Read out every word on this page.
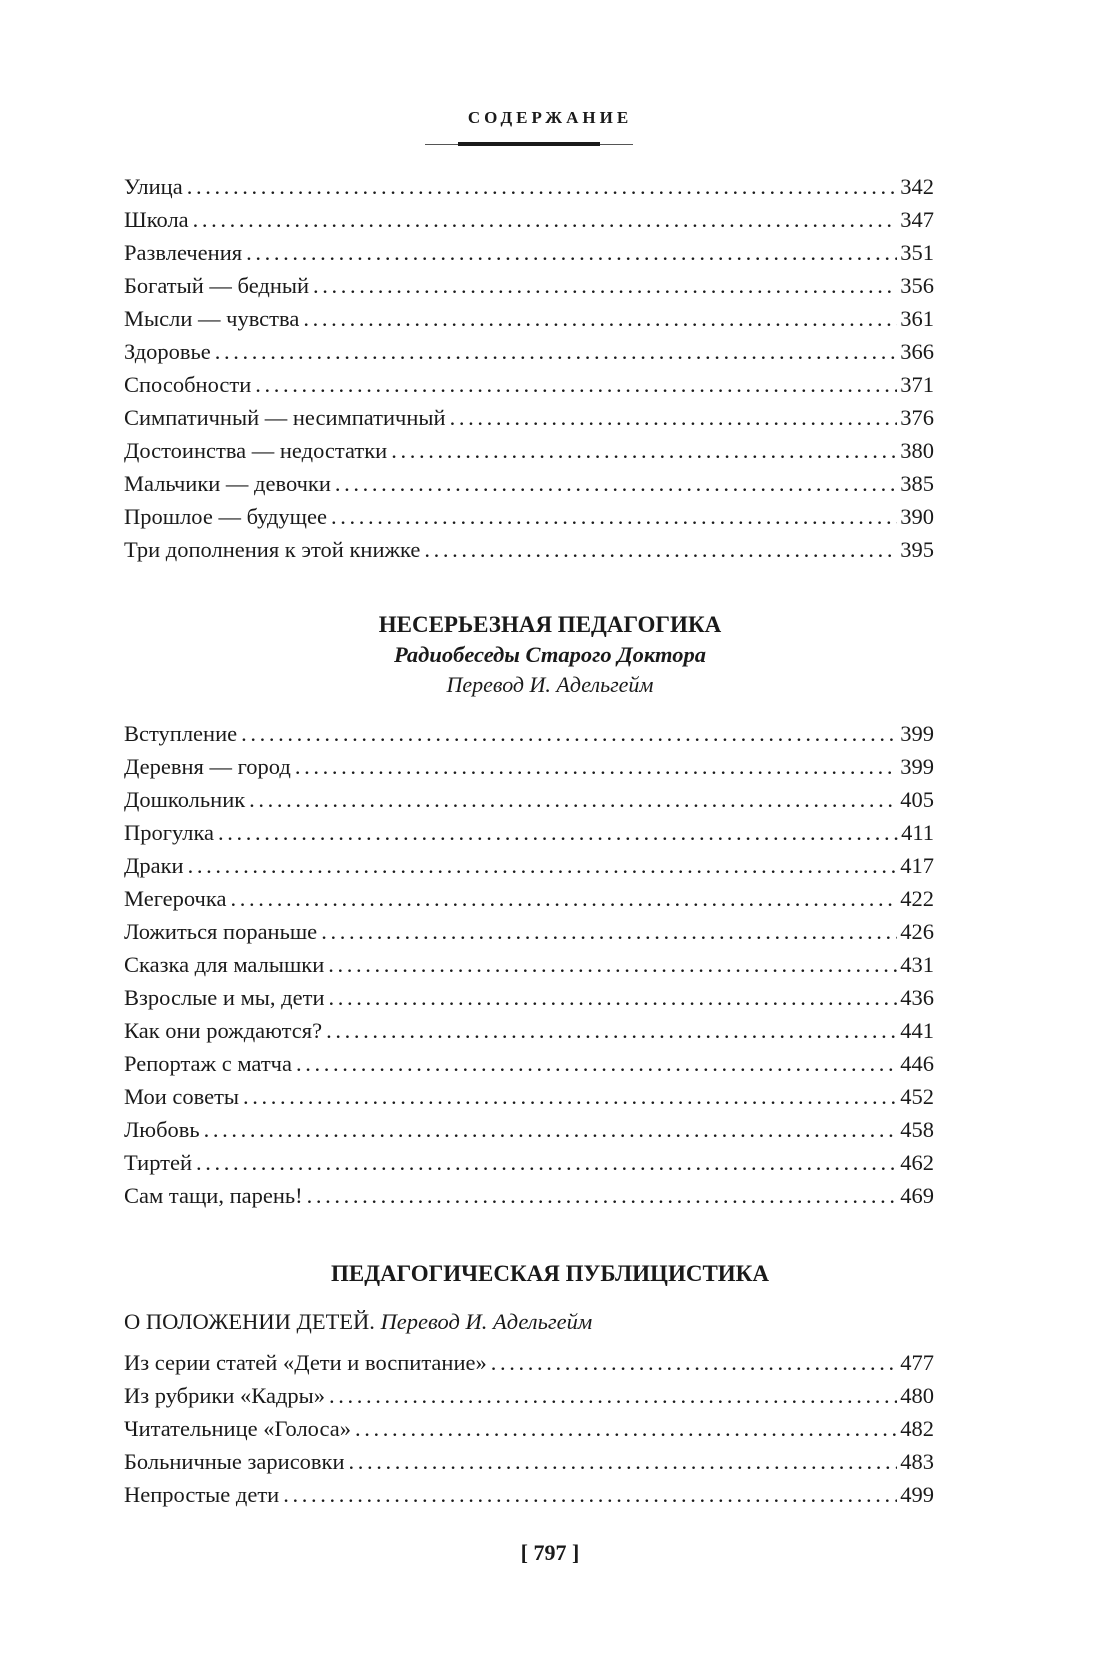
СОДЕРЖАНИЕ
Улица . . .	342
Школа . . .	347
Развлечения . . .	351
Богатый — бедный . . .	356
Мысли — чувства . . .	361
Здоровье . . .	366
Способности . . .	371
Симпатичный — несимпатичный . . .	376
Достоинства — недостатки . . .	380
Мальчики — девочки . . .	385
Прошлое — будущее . . .	390
Три дополнения к этой книжке . . .	395
НЕСЕРЬЕЗНАЯ ПЕДАГОГИКА
Радиобеседы Старого Доктора
Перевод И. Адельгейм
Вступление . . .	399
Деревня — город . . .	399
Дошкольник . . .	405
Прогулка . . .	411
Драки . . .	417
Мегерочка . . .	422
Ложиться пораньше . . .	426
Сказка для малышки . . .	431
Взрослые и мы, дети . . .	436
Как они рождаются? . . .	441
Репортаж с матча . . .	446
Мои советы . . .	452
Любовь . . .	458
Тиртей . . .	462
Сам тащи, парень! . . .	469
ПЕДАГОГИЧЕСКАЯ ПУБЛИЦИСТИКА
О ПОЛОЖЕНИИ ДЕТЕЙ. Перевод И. Адельгейм
Из серии статей «Дети и воспитание» . . .	477
Из рубрики «Кадры» . . .	480
Читательнице «Голоса» . . .	482
Больничные зарисовки . . .	483
Непростые дети . . .	499
[ 797 ]
